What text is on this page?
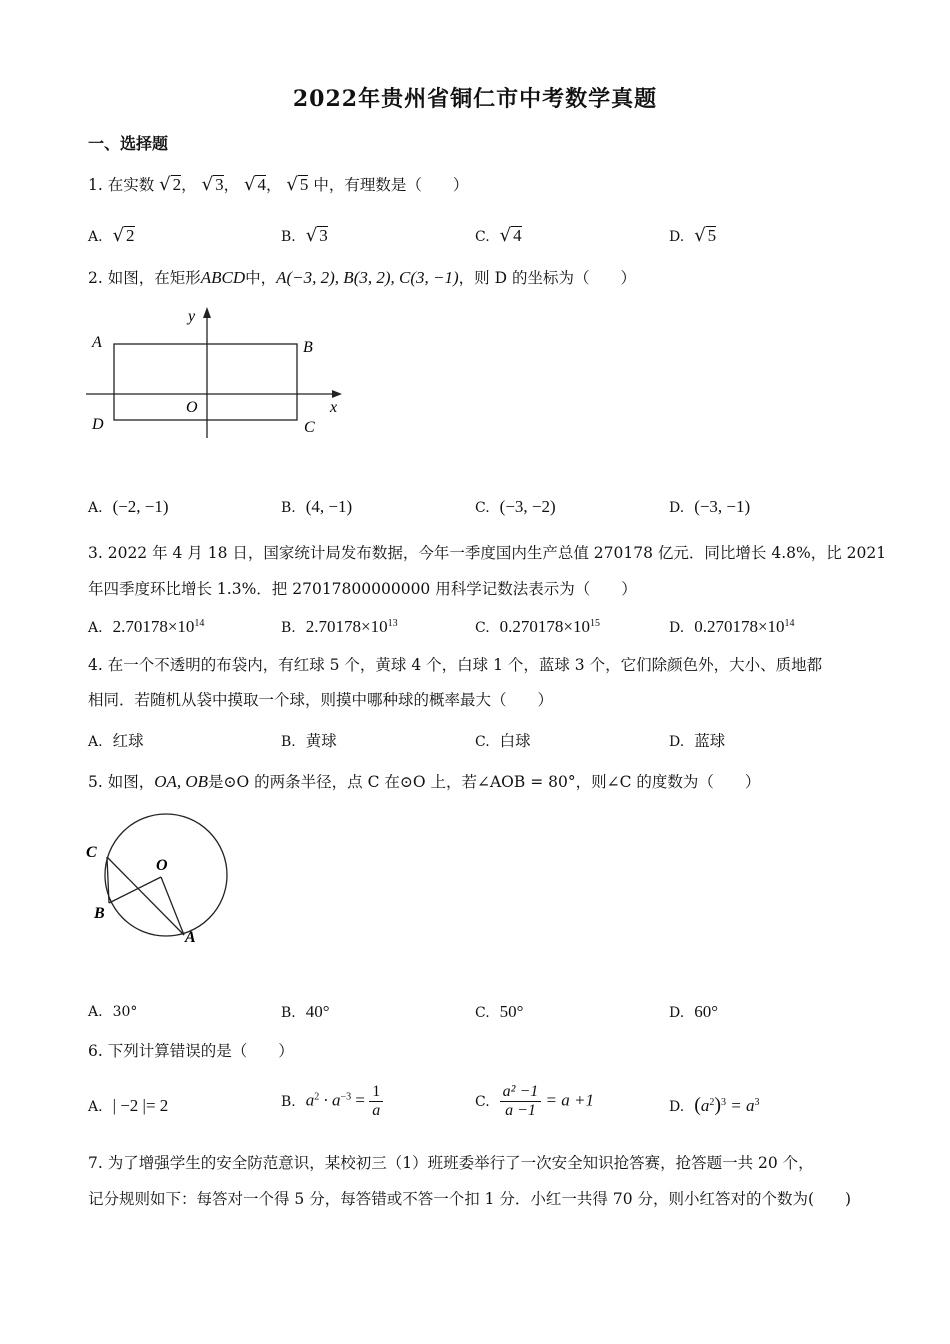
2022年贵州省铜仁市中考数学真题
一、选择题
1. 在实数 √ 2， √ 3， √ 4， √ 5 中，有理数是（　　）
A. √ 2	B. √ 3	C. √ 4	D. √ 5
2. 如图，在矩形ABCD中，A(−3, 2), B(3, 2), C(3, −1)，则 D 的坐标为（　　）
y
x
A	B
C
D
O
A. (−2, −1)	B. (4, −1)	C. (−3, −2)	D. (−3, −1)
3. 2022 年 4 月 18 日，国家统计局发布数据，今年一季度国内生产总值 270178 亿元．同比增长 4.8%，比 2021
年四季度环比增长 1.3%．把 27017800000000 用科学记数法表示为（　　）
A. $2.70178\times 10^{14}$	B. $2.70178\times 10^{13}$	C. $0.270178\times 10^{15}$	D. $0.270178\times 10^{14}$
4. 在一个不透明的布袋内，有红球 5 个，黄球 4 个，白球 1 个，蓝球 3 个，它们除颜色外，大小、质地都
相同．若随机从袋中摸取一个球，则摸中哪种球的概率最大（　　）
A. 红球	B. 黄球	C. 白球	D. 蓝球
5. 如图，OA, OB是⊙O 的两条半径，点 C 在⊙O 上，若∠AOB = 80°，则∠C 的度数为（　　）
C
O
B
A
A. 30°	B. 40°	C. 50°	D. 60°
6. 下列计算错误的是（　　）
A. | −2 |= 2	B. $a^2 \cdot a^{-3} = \frac{1}{a}$	C. $\frac{\text{a² −1}}{a -1} = a +1$	D. $(a^2)^3 = a^3$
7. 为了增强学生的安全防范意识，某校初三（1）班班委举行了一次安全知识抢答赛，抢答题一共 20 个，
记分规则如下：每答对一个得 5 分，每答错或不答一个扣 1 分．小红一共得 70 分，则小红答对的个数为(　　)
